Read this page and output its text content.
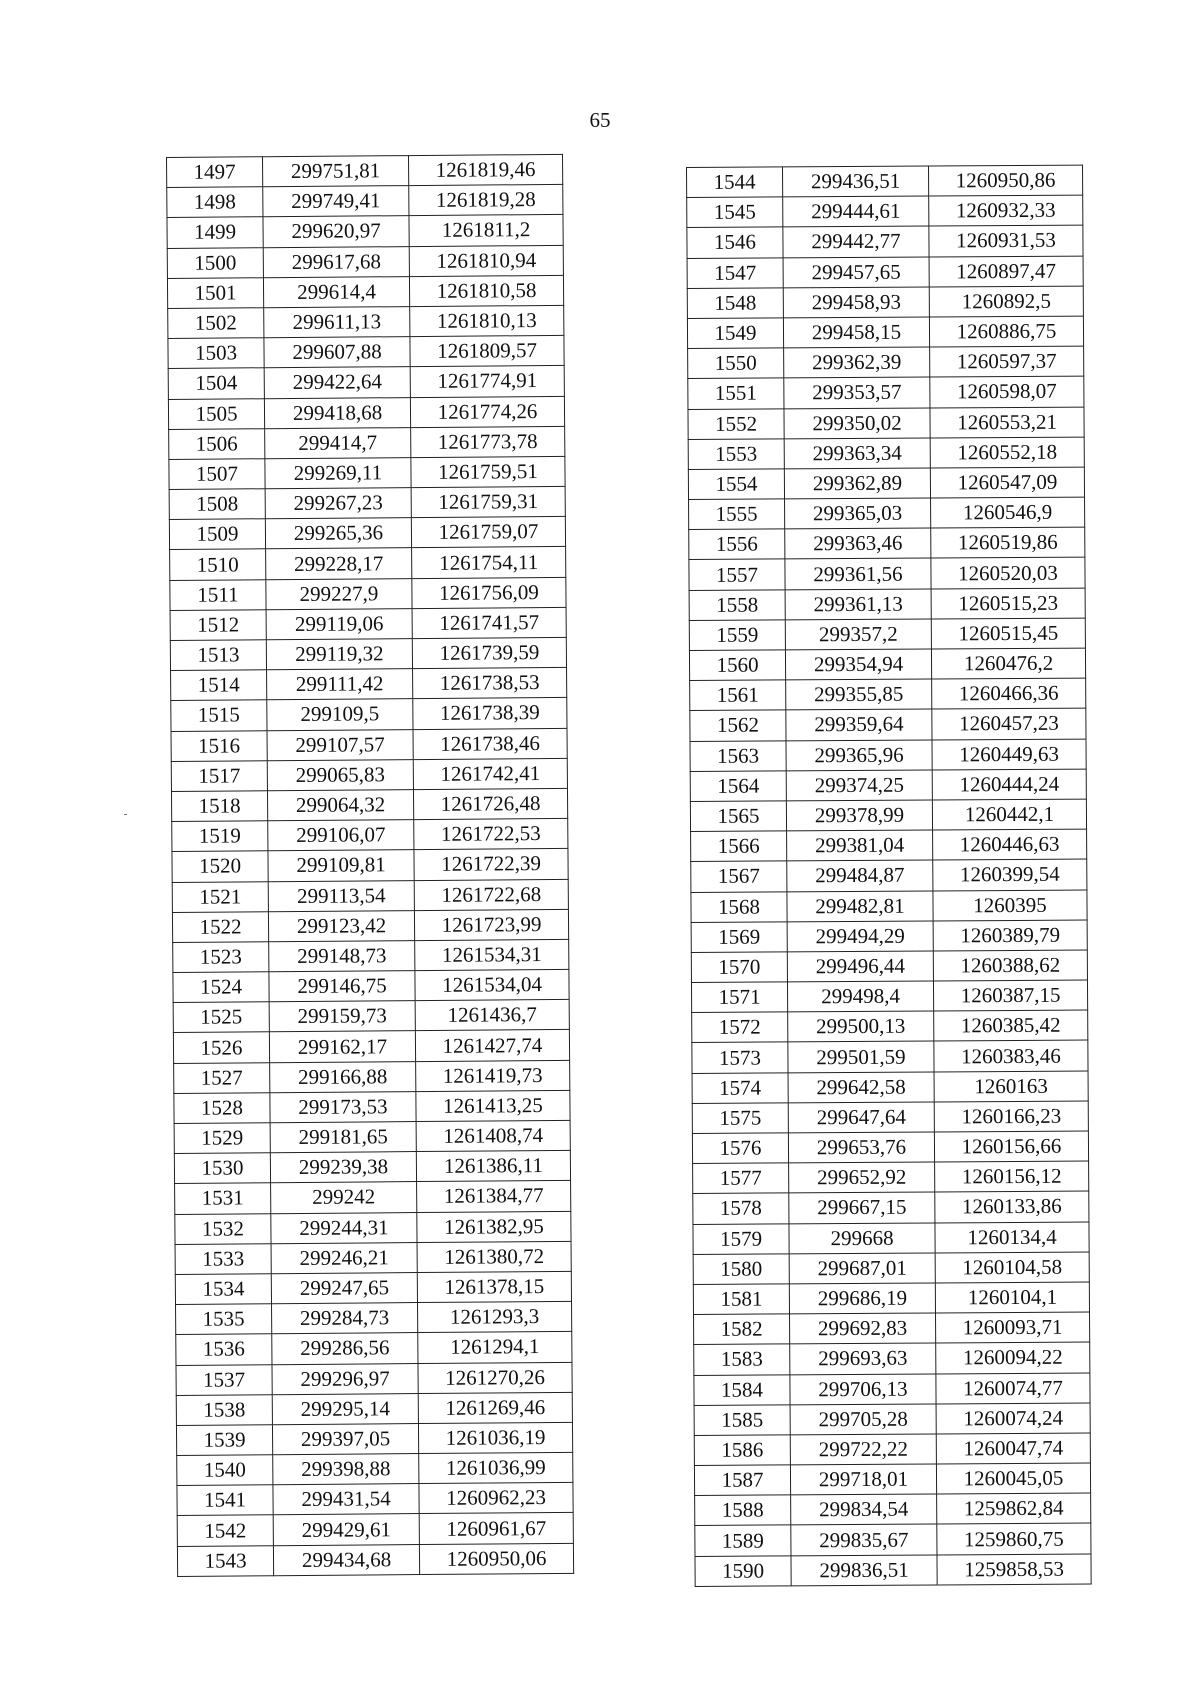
65
1497	299751,81	1261819,46
1498	299749,41	1261819,28
1499	299620,97	1261811,2
1500	299617,68	1261810,94
1501	299614,4	1261810,58
1502	299611,13	1261810,13
1503	299607,88	1261809,57
1504	299422,64	1261774,91
1505	299418,68	1261774,26
1506	299414,7	1261773,78
1507	299269,11	1261759,51
1508	299267,23	1261759,31
1509	299265,36	1261759,07
1510	299228,17	1261754,11
1511	299227,9	1261756,09
1512	299119,06	1261741,57
1513	299119,32	1261739,59
1514	299111,42	1261738,53
1515	299109,5	1261738,39
1516	299107,57	1261738,46
1517	299065,83	1261742,41
1518	299064,32	1261726,48
1519	299106,07	1261722,53
1520	299109,81	1261722,39
1521	299113,54	1261722,68
1522	299123,42	1261723,99
1523	299148,73	1261534,31
1524	299146,75	1261534,04
1525	299159,73	1261436,7
1526	299162,17	1261427,74
1527	299166,88	1261419,73
1528	299173,53	1261413,25
1529	299181,65	1261408,74
1530	299239,38	1261386,11
1531	299242	1261384,77
1532	299244,31	1261382,95
1533	299246,21	1261380,72
1534	299247,65	1261378,15
1535	299284,73	1261293,3
1536	299286,56	1261294,1
1537	299296,97	1261270,26
1538	299295,14	1261269,46
1539	299397,05	1261036,19
1540	299398,88	1261036,99
1541	299431,54	1260962,23
1542	299429,61	1260961,67
1543	299434,68	1260950,06
1544	299436,51	1260950,86
1545	299444,61	1260932,33
1546	299442,77	1260931,53
1547	299457,65	1260897,47
1548	299458,93	1260892,5
1549	299458,15	1260886,75
1550	299362,39	1260597,37
1551	299353,57	1260598,07
1552	299350,02	1260553,21
1553	299363,34	1260552,18
1554	299362,89	1260547,09
1555	299365,03	1260546,9
1556	299363,46	1260519,86
1557	299361,56	1260520,03
1558	299361,13	1260515,23
1559	299357,2	1260515,45
1560	299354,94	1260476,2
1561	299355,85	1260466,36
1562	299359,64	1260457,23
1563	299365,96	1260449,63
1564	299374,25	1260444,24
1565	299378,99	1260442,1
1566	299381,04	1260446,63
1567	299484,87	1260399,54
1568	299482,81	1260395
1569	299494,29	1260389,79
1570	299496,44	1260388,62
1571	299498,4	1260387,15
1572	299500,13	1260385,42
1573	299501,59	1260383,46
1574	299642,58	1260163
1575	299647,64	1260166,23
1576	299653,76	1260156,66
1577	299652,92	1260156,12
1578	299667,15	1260133,86
1579	299668	1260134,4
1580	299687,01	1260104,58
1581	299686,19	1260104,1
1582	299692,83	1260093,71
1583	299693,63	1260094,22
1584	299706,13	1260074,77
1585	299705,28	1260074,24
1586	299722,22	1260047,74
1587	299718,01	1260045,05
1588	299834,54	1259862,84
1589	299835,67	1259860,75
1590	299836,51	1259858,53
